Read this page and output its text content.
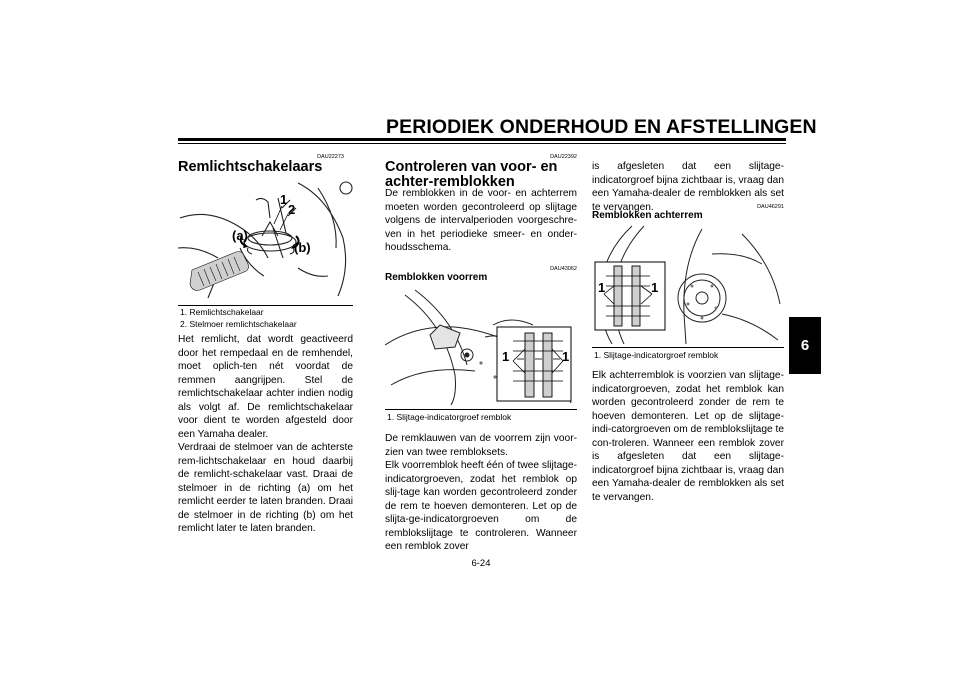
PERIODIEK ONDERHOUD EN AFSTELLINGEN
6
DAU22273
Remlichtschakelaars
1
2
(a)
(b)
1. Remlichtschakelaar
2. Stelmoer remlichtschakelaar

Het remlicht, dat wordt geactiveerd door het rempedaal en de remhendel, moet oplich-ten nét voordat de remmen aangrijpen. Stel de remlichtschakelaar achter indien nodig als volgt af. De remlichtschakelaar voor dient te worden afgesteld door een Yamaha dealer.

Verdraai de stelmoer van de achterste rem-lichtschakelaar en houd daarbij de remlicht-schakelaar vast. Draai de stelmoer in de richting (a) om het remlicht eerder te laten branden. Draai de stelmoer in de richting (b) om het remlicht later te laten branden.

DAU22392
Controleren van voor- en achter-remblokken
De remblokken in de voor- en achterrem moeten worden gecontroleerd op slijtage volgens de intervalperioden voorgeschre-ven in het periodieke smeer- en onder-houdsschema.
DAU43062
Remblokken voorrem
1	1
1. Slijtage-indicatorgroef remblok

De remklauwen van de voorrem zijn voor-zien van twee rembloksets.

Elk voorremblok heeft één of twee slijtage-indicatorgroeven, zodat het remblok op slij-tage kan worden gecontroleerd zonder de rem te hoeven demonteren. Let op de slijta-ge-indicatorgroeven om de remblokslijtage te controleren. Wanneer een remblok zover

is afgesleten dat een slijtage-indicatorgroef bijna zichtbaar is, vraag dan een Yamaha-dealer de remblokken als set te vervangen.	DAU46291
Remblokken achterrem
1	1
1. Slijtage-indicatorgroef remblok
Elk achterremblok is voorzien van slijtage-indicatorgroeven, zodat het remblok kan worden gecontroleerd zonder de rem te hoeven demonteren. Let op de slijtage-indi-catorgroeven om de remblokslijtage te con-troleren. Wanneer een remblok zover is afgesleten dat een slijtage-indicatorgroef bijna zichtbaar is, vraag dan een Yamaha-dealer de remblokken als set te vervangen.
6-24
